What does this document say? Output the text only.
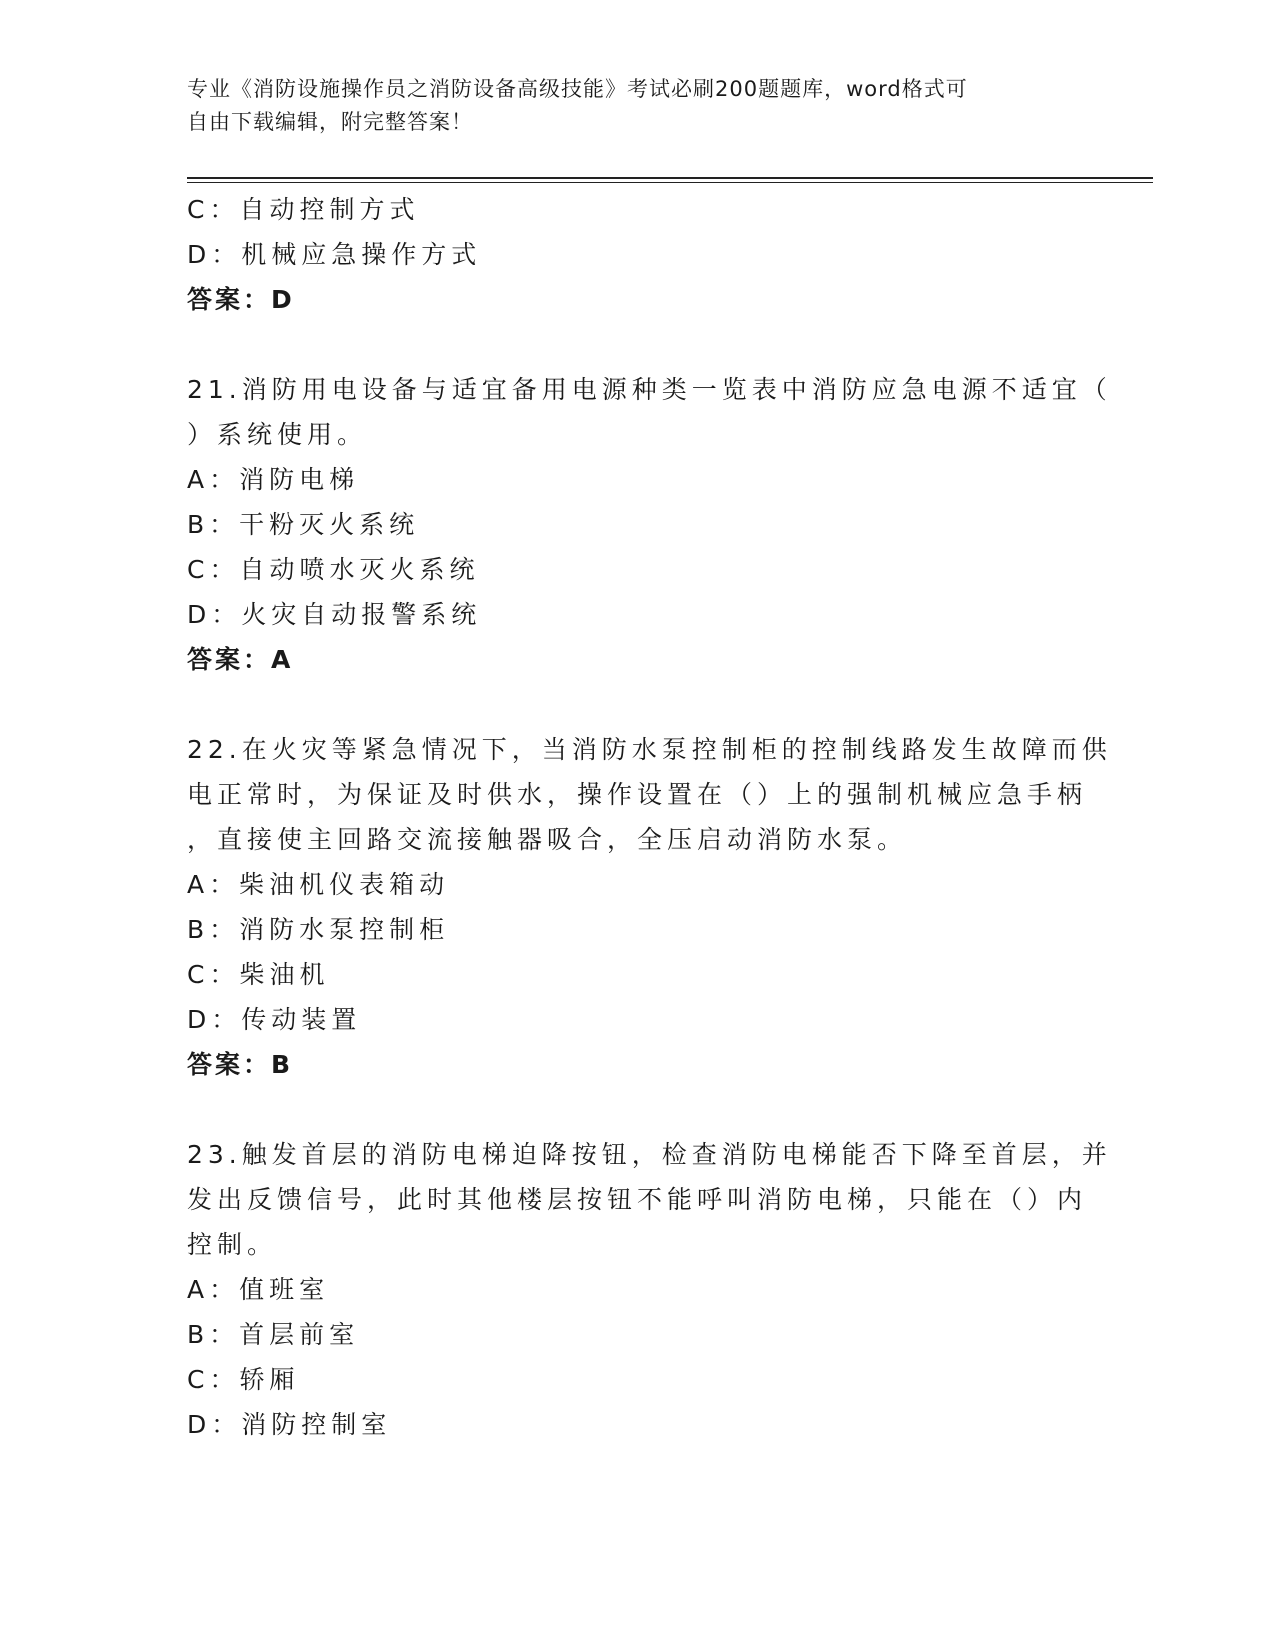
专业《消防设施操作员之消防设备高级技能》考试必刷200题题库，word格式可
自由下载编辑，附完整答案！
C：自动控制方式
D：机械应急操作方式
答案：D
21.消防用电设备与适宜备用电源种类一览表中消防应急电源不适宜（
）系统使用。
A：消防电梯
B：干粉灭火系统
C：自动喷水灭火系统
D：火灾自动报警系统
答案：A
22.在火灾等紧急情况下，当消防水泵控制柜的控制线路发生故障而供
电正常时，为保证及时供水，操作设置在（）上的强制机械应急手柄
，直接使主回路交流接触器吸合，全压启动消防水泵。
A：柴油机仪表箱动
B：消防水泵控制柜
C：柴油机
D：传动装置
答案：B
23.触发首层的消防电梯迫降按钮，检查消防电梯能否下降至首层，并
发出反馈信号，此时其他楼层按钮不能呼叫消防电梯，只能在（）内
控制。
A：值班室
B：首层前室
C：轿厢
D：消防控制室
